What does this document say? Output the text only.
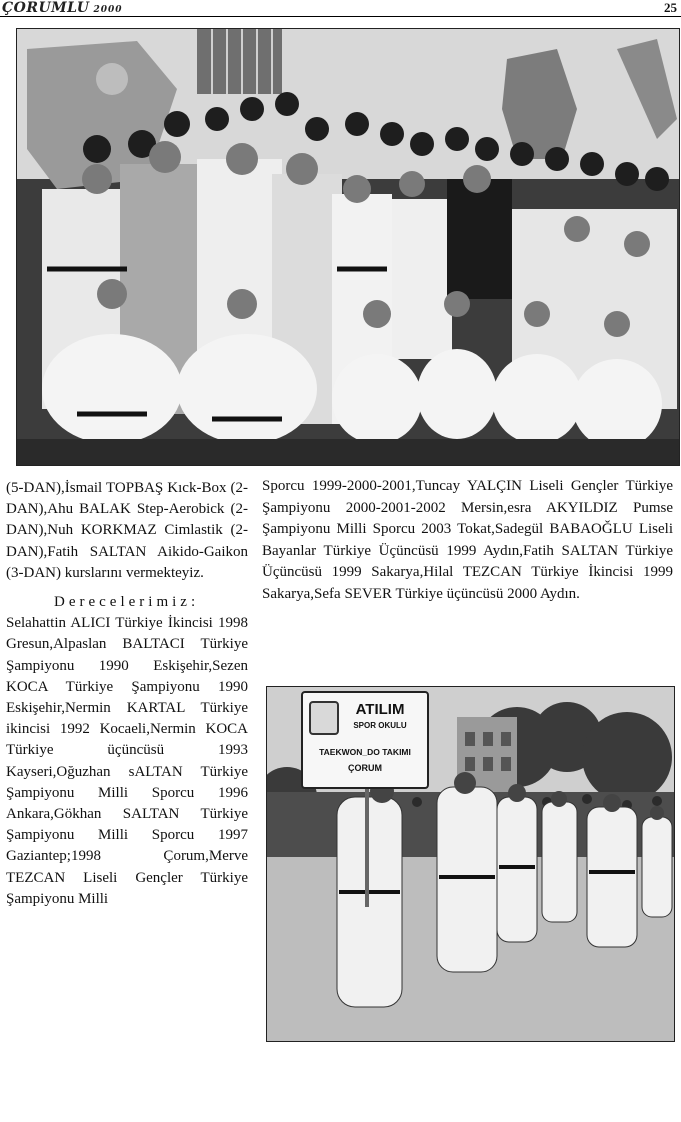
ÇORUMLU 2000	25

(5-DAN),İsmail TOPBAŞ Kıck-Box (2-DAN),Ahu BALAK Step-Aerobick (2-DAN),Nuh KORKMAZ Cimlastik (2-DAN),Fatih SALTAN Aikido-Gaikon (3-DAN) kurslarını vermekteyiz.

Derecelerimiz: Selahattin ALICI Türkiye İkincisi 1998 Gresun,Alpaslan BALTACI Türkiye Şampiyonu 1990 Eskişehir,Sezen KOCA Türkiye Şampiyonu 1990 Eskişehir,Nermin KARTAL Türkiye ikincisi 1992 Kocaeli,Nermin KOCA Türkiye üçüncüsü 1993 Kayseri,Oğuzhan sALTAN Türkiye Şampiyonu Milli Sporcu 1996 Ankara,Gökhan SALTAN Türkiye Şampiyonu Milli Sporcu 1997 Gaziantep;1998 Çorum,Merve TEZCAN Liseli Gençler Türkiye Şampiyonu Milli

Sporcu 1999-2000-2001,Tuncay YALÇIN Liseli Gençler Türkiye Şampiyonu 2000-2001-2002 Mersin,esra AKYILDIZ Pumse Şampiyonu Milli Sporcu 2003 Tokat,Sadegül BABAOĞLU Liseli Bayanlar Türkiye Üçüncüsü 1999 Aydın,Fatih SALTAN Türkiye Üçüncüsü 1999 Sakarya,Hilal TEZCAN Türkiye İkincisi 1999 Sakarya,Sefa SEVER Türkiye üçüncüsü 2000 Aydın.

ATILIM
SPOR OKULU
TAEKWON_DO TAKIMI
ÇORUM
